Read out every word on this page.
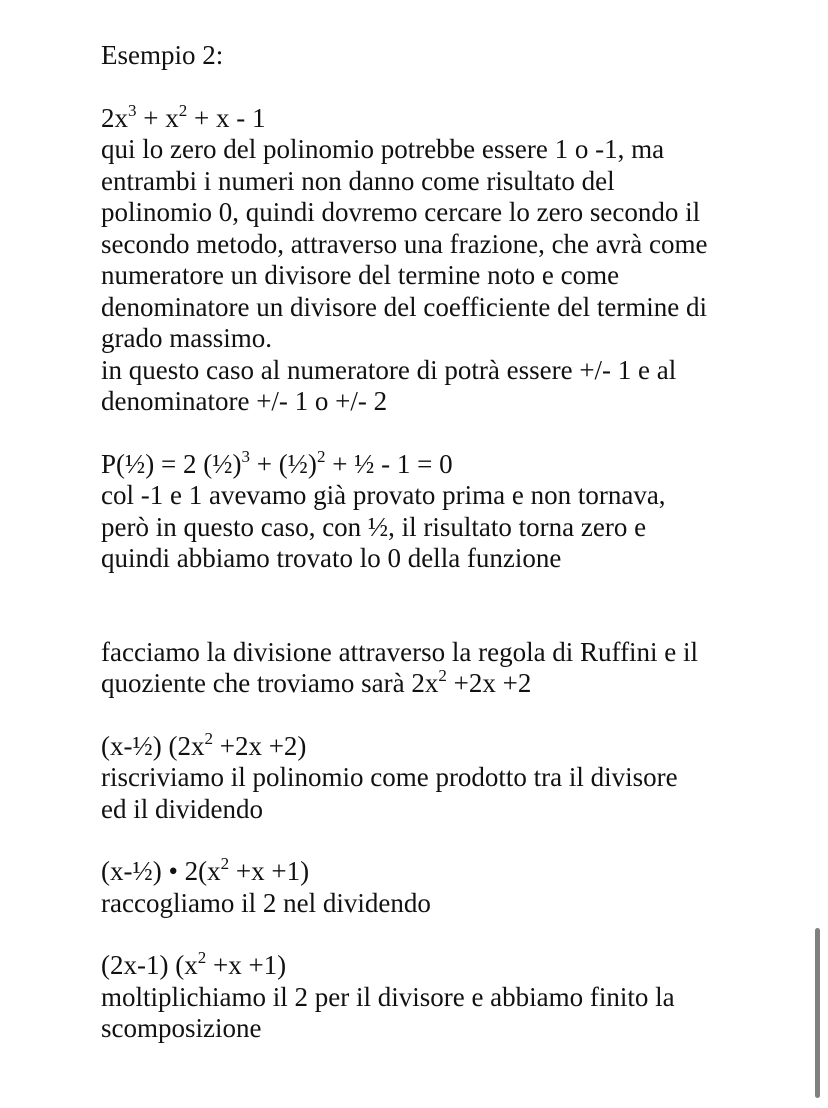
Esempio 2:
$2x^3 + x^2 + x - 1$
qui lo zero del polinomio potrebbe essere 1 o -1, ma
entrambi i numeri non danno come risultato del
polinomio 0, quindi dovremo cercare lo zero secondo il
secondo metodo, attraverso una frazione, che avrà come
numeratore un divisore del termine noto e come
denominatore un divisore del coefficiente del termine di
grado massimo.
in questo caso al numeratore di potrà essere +/- 1 e al
denominatore +/- 1 o +/- 2
P(½) = 2 (½)$^3$ + (½)$^2$ + ½ - 1 = 0
col -1 e 1 avevamo già provato prima e non tornava,
però in questo caso, con ½, il risultato torna zero e
quindi abbiamo trovato lo 0 della funzione
facciamo la divisione attraverso la regola di Ruffini e il
quoziente che troviamo sarà $2x^2 +2x +2$
(x-½) $(2x^2 +2x +2)$
riscriviamo il polinomio come prodotto tra il divisore
ed il dividendo
(x-½) • $2(x^2 +x +1)$
raccogliamo il 2 nel dividendo
(2x-1) $(x^2 +x +1)$
moltiplichiamo il 2 per il divisore e abbiamo finito la
scomposizione
